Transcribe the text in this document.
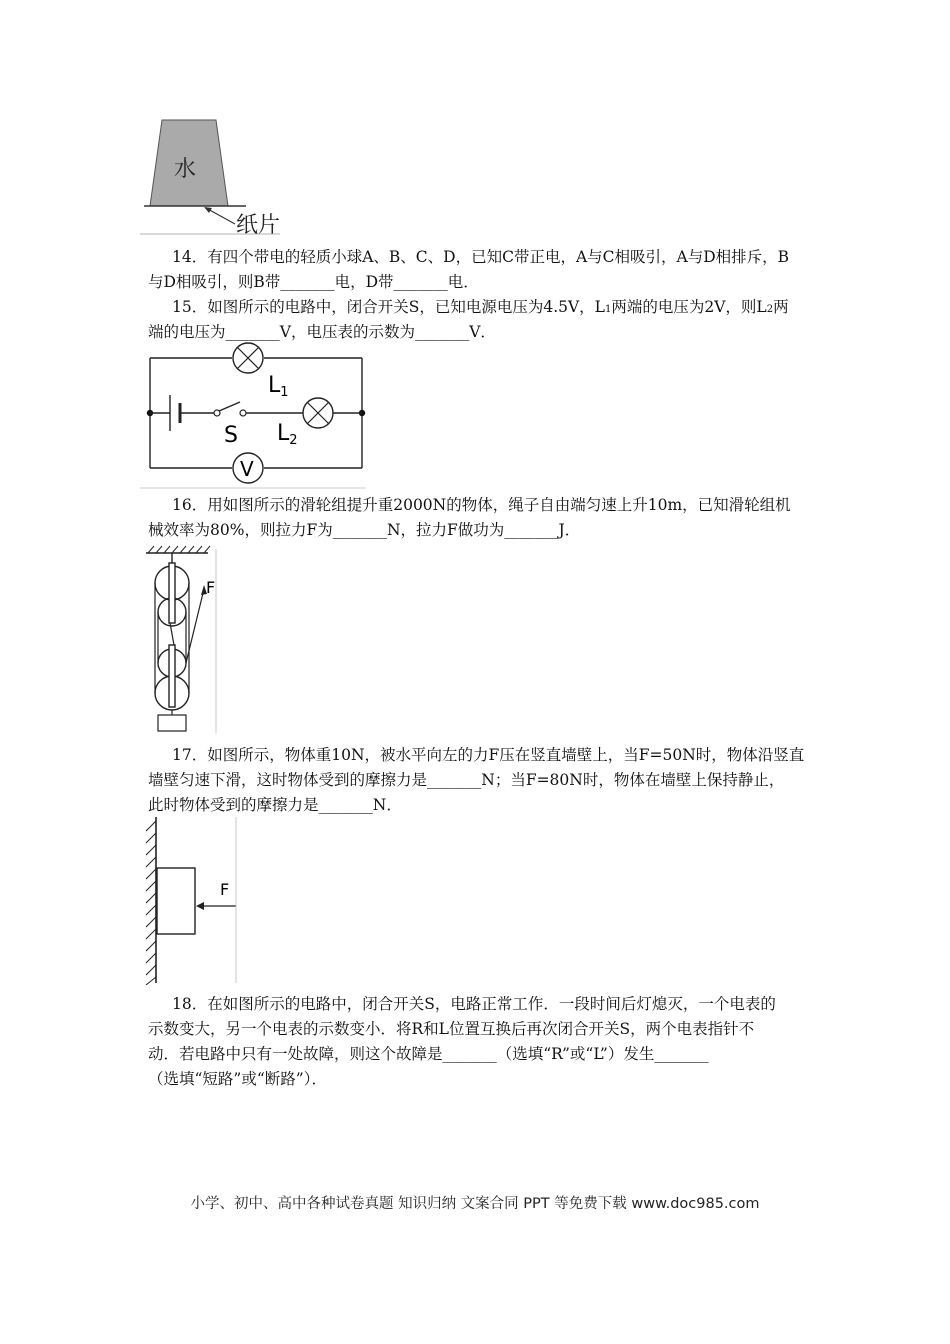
水
纸片
14．有四个带电的轻质小球A、B、C、D，已知C带正电，A与C相吸引，A与D相排斥，B
与D相吸引，则B带_______电，D带_______电．
15．如图所示的电路中，闭合开关S，已知电源电压为4.5V，L1两端的电压为2V，则L2两
端的电压为_______V，电压表的示数为_______V．
L1
S L2
V
16．用如图所示的滑轮组提升重2000N的物体，绳子自由端匀速上升10m，已知滑轮组机
械效率为80%，则拉力F为_______N，拉力F做功为_______J．
F
17．如图所示，物体重10N，被水平向左的力F压在竖直墙壁上，当F=50N时，物体沿竖直
墙壁匀速下滑，这时物体受到的摩擦力是_______N；当F=80N时，物体在墙壁上保持静止，
此时物体受到的摩擦力是_______N．
F
18．在如图所示的电路中，闭合开关S，电路正常工作．一段时间后灯熄灭，一个电表的
示数变大，另一个电表的示数变小．将R和L位置互换后再次闭合开关S，两个电表指针不
动．若电路中只有一处故障，则这个故障是_______（选填“R”或“L”）发生_______
（选填“短路”或“断路”）．
小学、初中、高中各种试卷真题 知识归纳 文案合同 PPT 等免费下载 www.doc985.com
